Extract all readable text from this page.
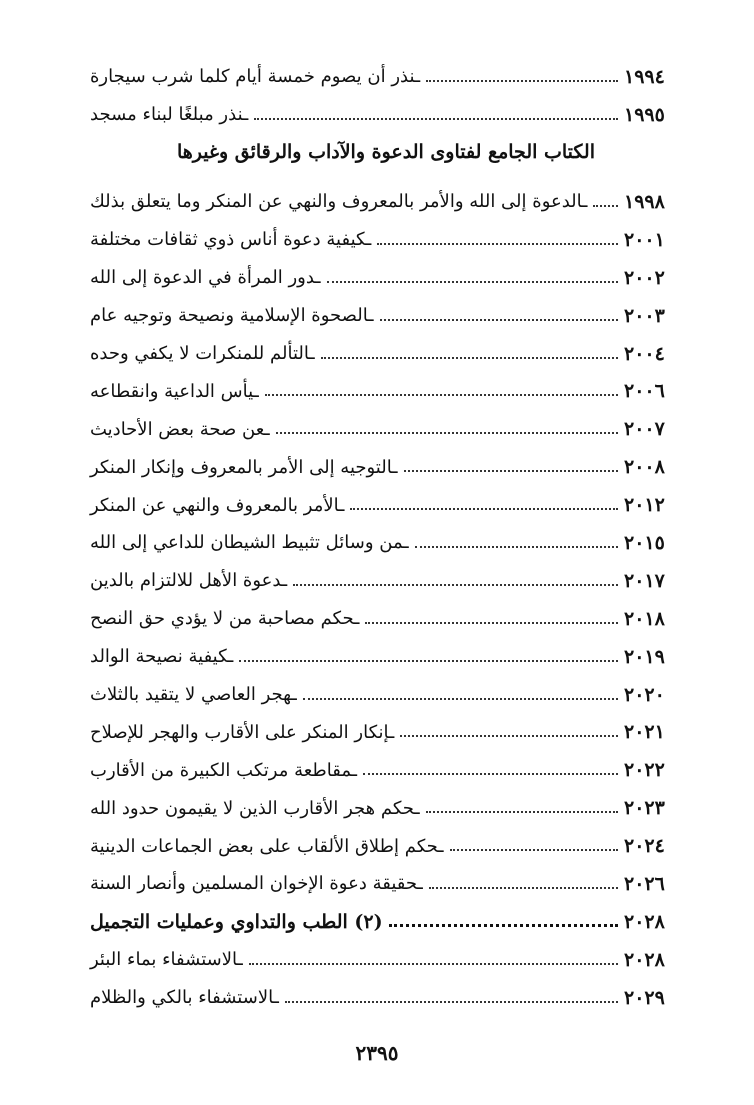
ـنذر أن يصوم خمسة أيام كلما شرب سيجارة	١٩٩٤
ـنذر مبلغًا لبناء مسجد	١٩٩٥
الكتاب الجامع لفتاوى الدعوة والآداب والرقائق وغيرها
ـالدعوة إلى الله والأمر بالمعروف والنهي عن المنكر وما يتعلق بذلك ١٩٩٨
ـكيفية دعوة أناس ذوي ثقافات مختلفة	٢٠٠١
ـدور المرأة في الدعوة إلى الله	٢٠٠٢
ـالصحوة الإسلامية ونصيحة وتوجيه عام	٢٠٠٣
ـالتألم للمنكرات لا يكفي وحده	٢٠٠٤
ـيأس الداعية وانقطاعه	٢٠٠٦
ـعن صحة بعض الأحاديث	٢٠٠٧
ـالتوجيه إلى الأمر بالمعروف وإنكار المنكر	٢٠٠٨
ـالأمر بالمعروف والنهي عن المنكر	٢٠١٢
ـمن وسائل تثبيط الشيطان للداعي إلى الله	٢٠١٥
ـدعوة الأهل للالتزام بالدين	٢٠١٧
ـحكم مصاحبة من لا يؤدي حق النصح	٢٠١٨
ـكيفية نصيحة الوالد	٢٠١٩
ـهجر العاصي لا يتقيد بالثلاث	٢٠٢٠
ـإنكار المنكر على الأقارب والهجر للإصلاح	٢٠٢١
ـمقاطعة مرتكب الكبيرة من الأقارب	٢٠٢٢
ـحكم هجر الأقارب الذين لا يقيمون حدود الله	٢٠٢٣
ـحكم إطلاق الألقاب على بعض الجماعات الدينية	٢٠٢٤
ـحقيقة دعوة الإخوان المسلمين وأنصار السنة	٢٠٢٦
(٢) الطب والتداوي وعمليات التجميل	٢٠٢٨
ـالاستشفاء بماء البئر	٢٠٢٨
ـالاستشفاء بالكي والظلام	٢٠٢٩
٢٣٩٥
